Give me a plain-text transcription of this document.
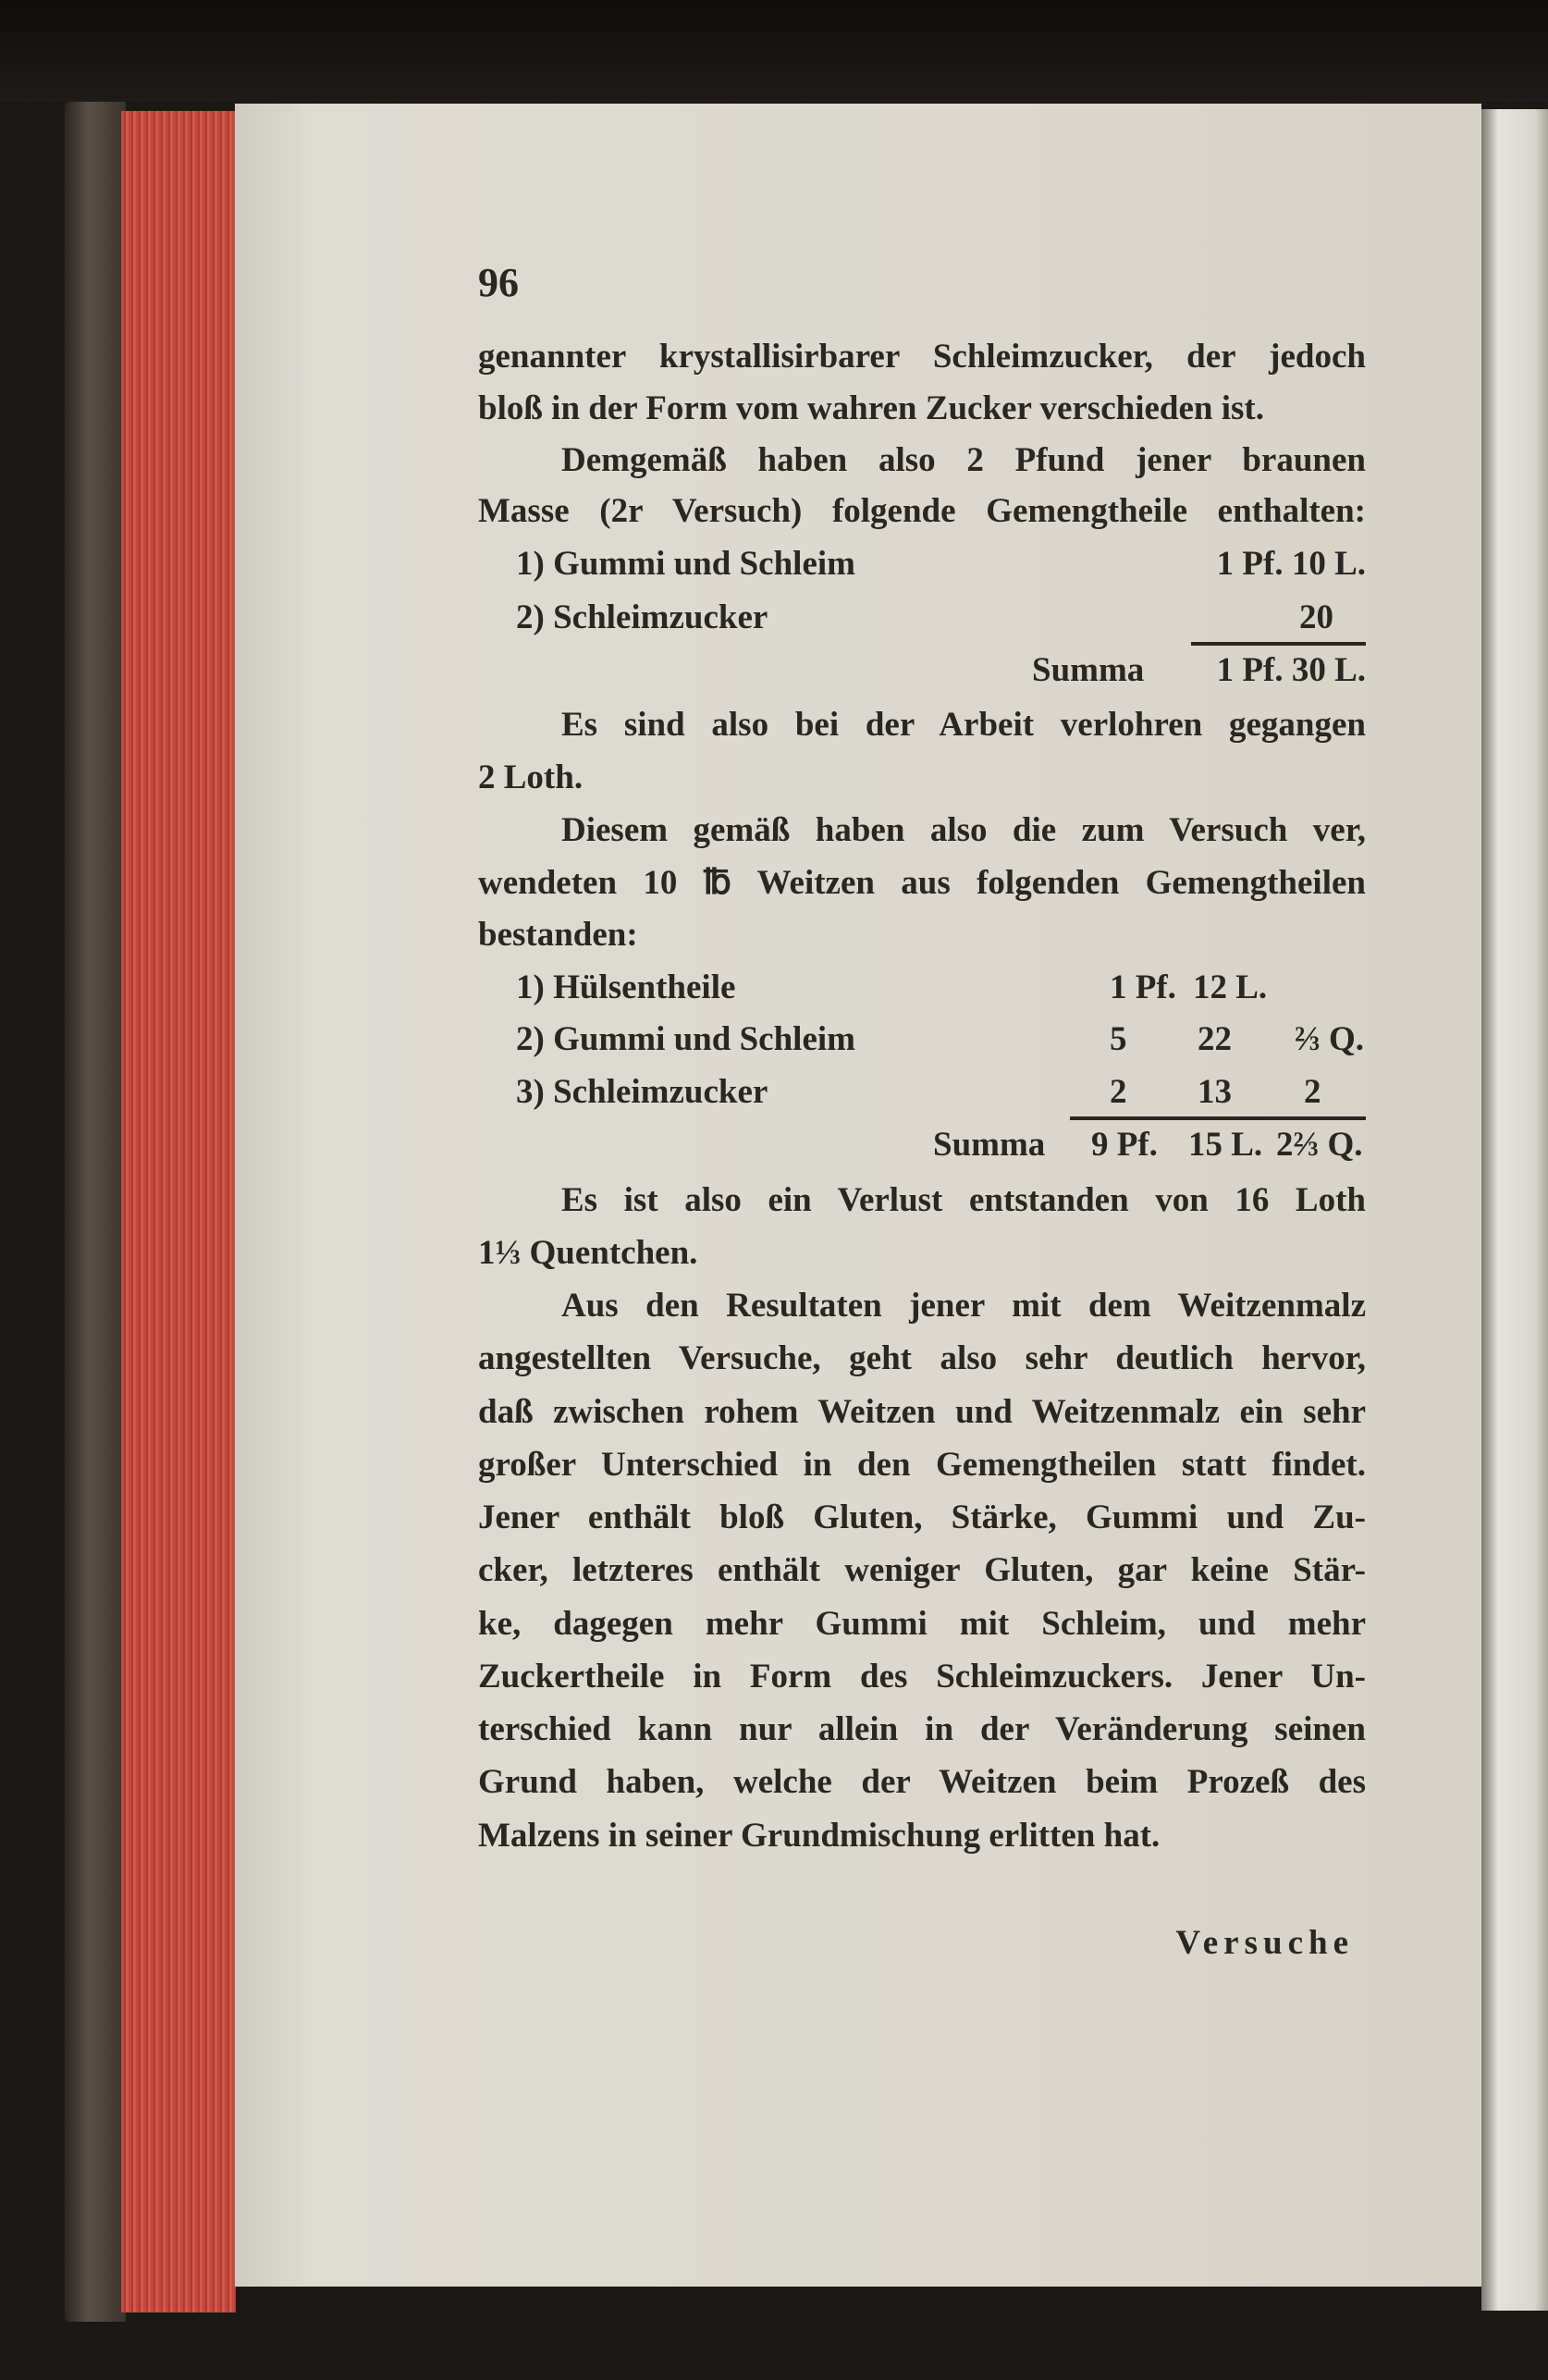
96
genannter krystallisirbarer Schleimzucker, der jedoch
bloß in der Form vom wahren Zucker verschieden ist.
Demgemäß haben also 2 Pfund jener braunen
Masse (2r Versuch) folgende Gemengtheile enthalten:
1) Gummi und Schleim	1 Pf. 10 L.
2) Schleimzucker	20
Summa 1 Pf. 30 L.
Es sind also bei der Arbeit verlohren gegangen
2 Loth.
Diesem gemäß haben also die zum Versuch ver,
wendeten 10 ℔ Weitzen aus folgenden Gemengtheilen
bestanden:
1) Hülsentheile	1 Pf. 12 L.
2) Gummi und Schleim	5 22 ⅔ Q.
3) Schleimzucker	2 13 2
Summa 9 Pf. 15 L. 2⅔ Q.
Es ist also ein Verlust entstanden von 16 Loth
1⅓ Quentchen.
Aus den Resultaten jener mit dem Weitzenmalz
angestellten Versuche, geht also sehr deutlich hervor,
daß zwischen rohem Weitzen und Weitzenmalz ein sehr
großer Unterschied in den Gemengtheilen statt findet.
Jener enthält bloß Gluten, Stärke, Gummi und Zu-
cker, letzteres enthält weniger Gluten, gar keine Stär-
ke, dagegen mehr Gummi mit Schleim, und mehr
Zuckertheile in Form des Schleimzuckers. Jener Un-
terschied kann nur allein in der Veränderung seinen
Grund haben, welche der Weitzen beim Prozeß des
Malzens in seiner Grundmischung erlitten hat.
Versuche
